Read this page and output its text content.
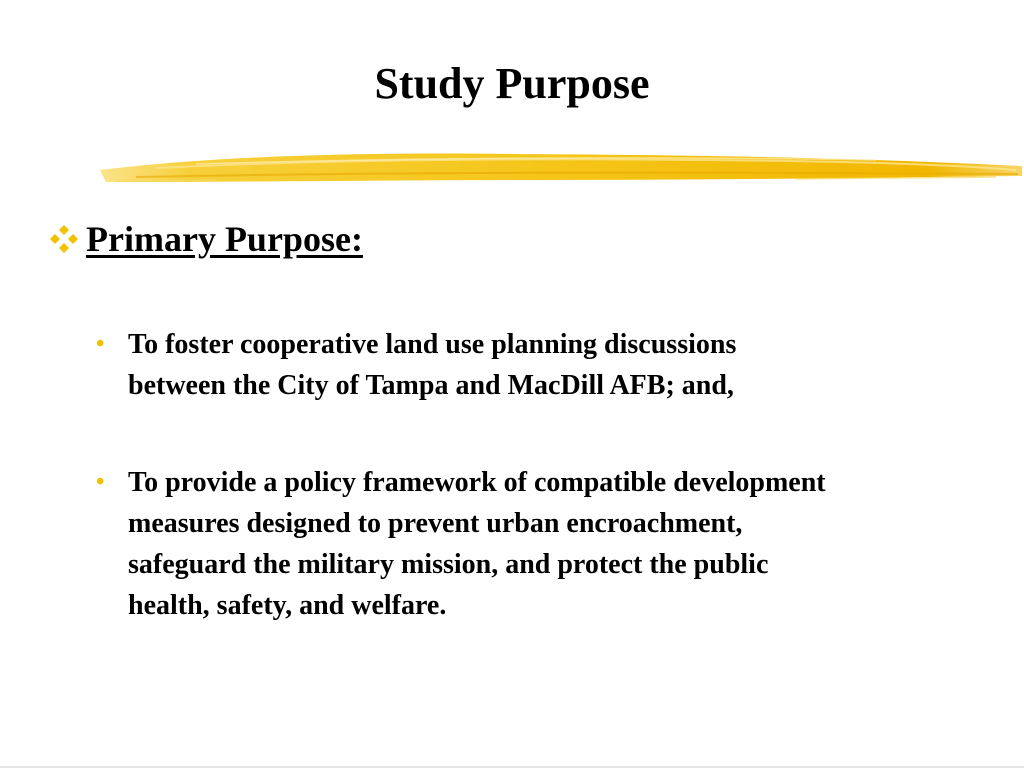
Study Purpose
Primary Purpose:
• To foster cooperative land use planning discussions
between the City of Tampa and MacDill AFB; and,
• To provide a policy framework of compatible development
measures designed to prevent urban encroachment,
safeguard the military mission, and protect the public
health, safety, and welfare.
